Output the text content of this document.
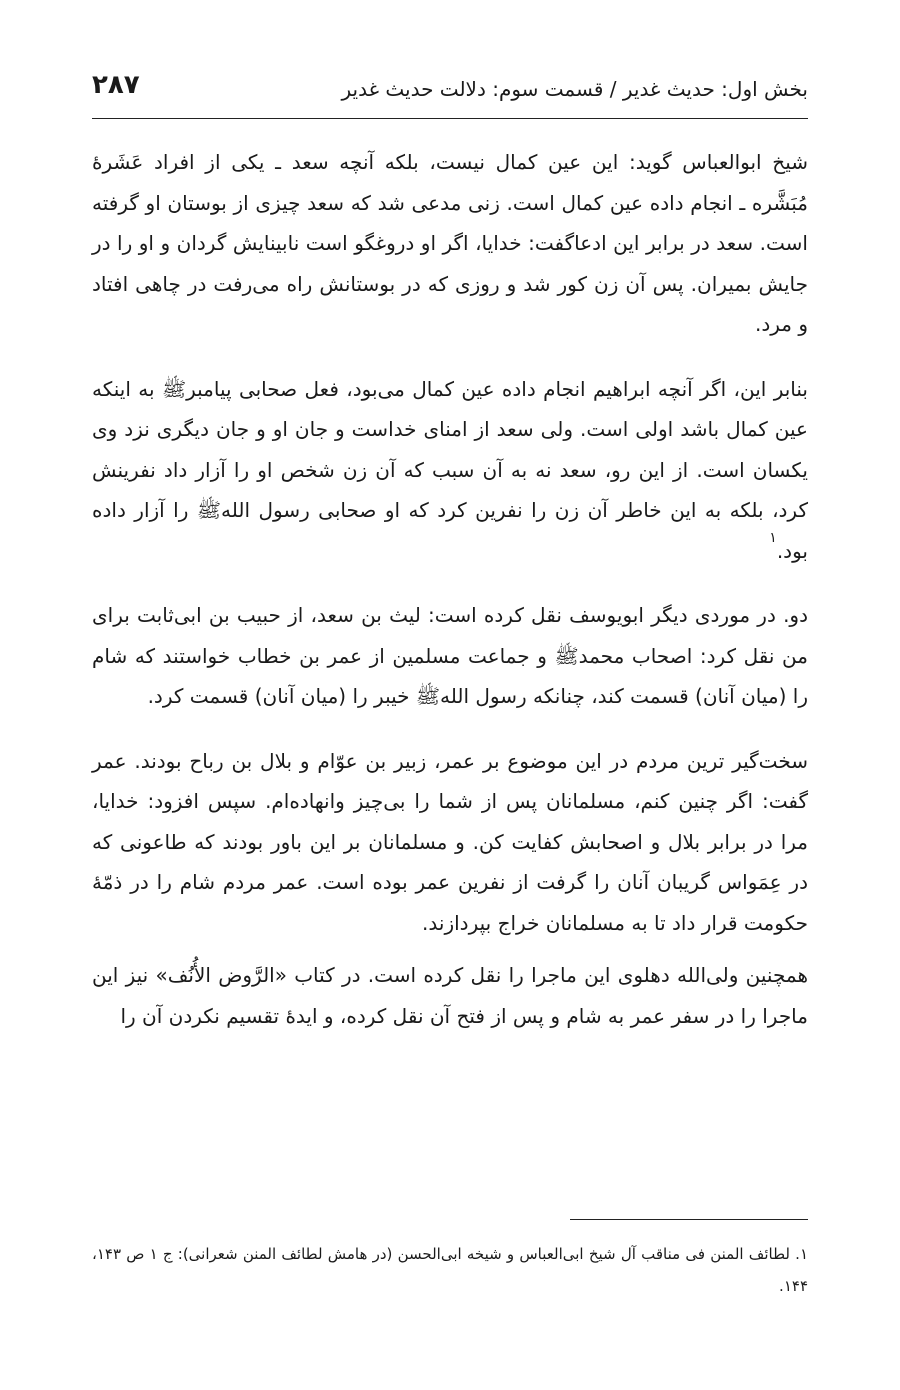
بخش اول: حدیث غدیر / قسمت سوم: دلالت حدیث غدیر
۲۸۷

شیخ ابوالعباس گوید: این عین کمال نیست، بلکه آنچه سعد ـ یکی از افراد عَشَرهٔ مُبَشَّره ـ انجام داده عین کمال است. زنی مدعی شد که سعد چیزی از بوستان او گرفته است. سعد در برابر این ادعاگفت: خدایا، اگر او دروغگو است نابینایش گردان و او را در جایش بمیران. پس آن زن کور شد و روزی که در بوستانش راه می‌رفت در چاهی افتاد و مرد.

بنابر این، اگر آنچه ابراهیم انجام داده عین کمال می‌بود، فعل صحابی پیامبرﷺ به اینکه عین کمال باشد اولی است. ولی سعد از امنای خداست و جان او و جان دیگری نزد وی یکسان است. از این رو، سعد نه به آن سبب که آن زن شخص او را آزار داد نفرینش کرد، بلکه به این خاطر آن زن را نفرین کرد که او صحابی رسول اللهﷺ را آزار داده بود.$^۱$

دو. در موردی دیگر ابویوسف نقل کرده است: لیث بن سعد، از حبیب بن ابی‌ثابت برای من نقل کرد: اصحاب محمدﷺ و جماعت مسلمین از عمر بن خطاب خواستند که شام را (میان آنان) قسمت کند، چنانکه رسول اللهﷺ خیبر را (میان آنان) قسمت کرد.

سخت‌گیر ترین مردم در این موضوع بر عمر، زبیر بن عوّام و بلال بن رباح بودند. عمر گفت: اگر چنین کنم، مسلمانان پس از شما را بی‌چیز وانهاده‌ام. سپس افزود: خدایا، مرا در برابر بلال و اصحابش کفایت کن. و مسلمانان بر این باور بودند که طاعونی که در عِمَواس گریبان آنان را گرفت از نفرین عمر بوده است. عمر مردم شام را در ذمّهٔ حکومت قرار داد تا به مسلمانان خراج بپردازند.

همچنین ولی‌الله دهلوی این ماجرا را نقل کرده است. در کتاب «الرَّوض الأُنُف» نیز این ماجرا را در سفر عمر به شام و پس از فتح آن نقل کرده، و ایدهٔ تقسیم نکردن آن را

۱. لطائف المنن فی مناقب آل شیخ ابی‌العباس و شیخه ابی‌الحسن (در هامش لطائف المنن شعرانی): ج ۱ ص ۱۴۳، ۱۴۴.
